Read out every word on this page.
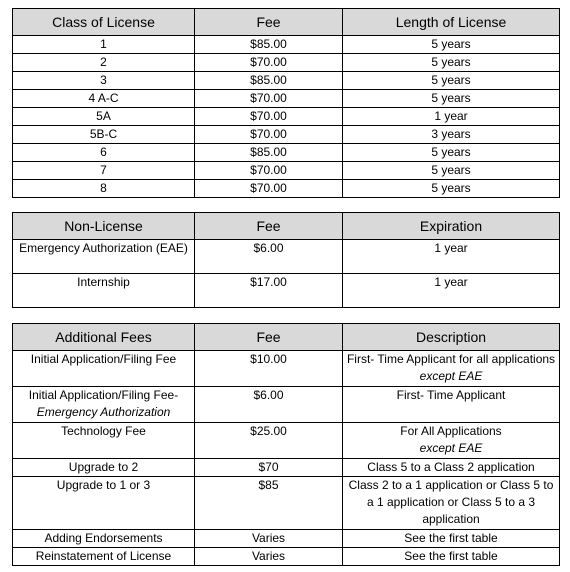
Class of License	Fee	Length of License
1	$85.00	5 years
2	$70.00	5 years
3	$85.00	5 years
4 A-C	$70.00	5 years
5A	$70.00	1 year
5B-C	$70.00	3 years
6	$85.00	5 years
7	$70.00	5 years
8	$70.00	5 years
Non-License	Fee	Expiration
Emergency Authorization (EAE)	$6.00	1 year
Internship	$17.00	1 year
Additional Fees	Fee	Description
Initial Application/Filing Fee	$10.00	First- Time Applicant for all applications except EAE
Initial Application/Filing Fee-
Emergency Authorization	$6.00	First- Time Applicant
Technology Fee	$25.00	For All Applications
except EAE
Upgrade to 2	$70	Class 5 to a Class 2 application
Upgrade to 1 or 3	$85	Class 2 to a 1 application or Class 5 to a 1 application or Class 5 to a 3 application
Adding Endorsements	Varies	See the first table
Reinstatement of License	Varies	See the first table
